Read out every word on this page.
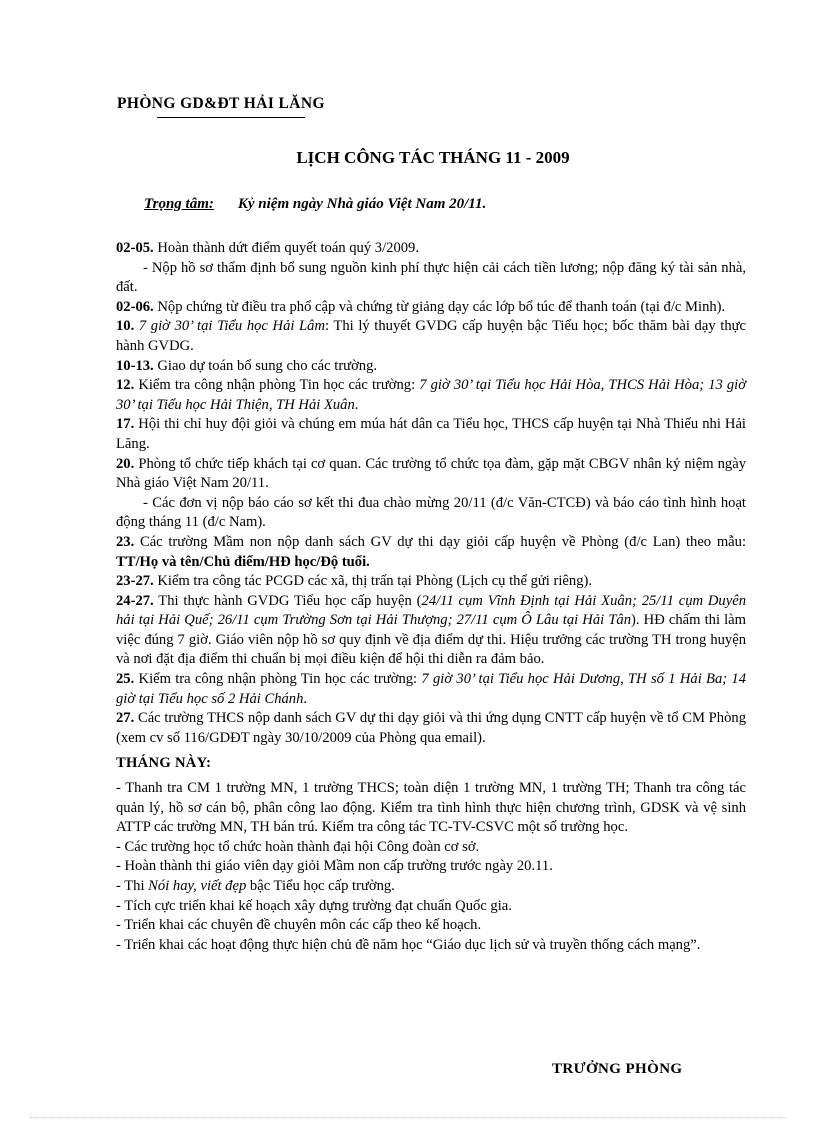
PHÒNG GD&ĐT HẢI LĂNG
LỊCH CÔNG TÁC THÁNG 11 - 2009
Trọng tâm: Kỷ niệm ngày Nhà giáo Việt Nam 20/11.

02-05. Hoàn thành dứt điểm quyết toán quý 3/2009.

- Nộp hồ sơ thẩm định bổ sung nguồn kinh phí thực hiện cải cách tiền lương; nộp đăng ký tài sản nhà, đất.

02-06. Nộp chứng từ điều tra phổ cập và chứng từ giảng dạy các lớp bổ túc để thanh toán (tại đ/c Minh).

10. 7 giờ 30’ tại Tiểu học Hải Lâm: Thi lý thuyết GVDG cấp huyện bậc Tiểu học; bốc thăm bài dạy thực hành GVDG.

10-13. Giao dự toán bổ sung cho các trường.

12. Kiểm tra công nhận phòng Tin học các trường: 7 giờ 30’ tại Tiểu học Hải Hòa, THCS Hải Hòa; 13 giờ 30’ tại Tiểu học Hải Thiện, TH Hải Xuân.

17. Hội thi chỉ huy đội giỏi và chúng em múa hát dân ca Tiểu học, THCS cấp huyện tại Nhà Thiếu nhi Hải Lăng.

20. Phòng tổ chức tiếp khách tại cơ quan. Các trường tổ chức tọa đàm, gặp mặt CBGV nhân kỷ niệm ngày Nhà giáo Việt Nam 20/11.

- Các đơn vị nộp báo cáo sơ kết thi đua chào mừng 20/11 (đ/c Văn-CTCĐ) và báo cáo tình hình hoạt động tháng 11 (đ/c Nam).

23. Các trường Mầm non nộp danh sách GV dự thi dạy giỏi cấp huyện về Phòng (đ/c Lan) theo mẫu: TT/Họ và tên/Chủ điểm/HĐ học/Độ tuổi.

23-27. Kiểm tra công tác PCGD các xã, thị trấn tại Phòng (Lịch cụ thể gửi riêng).

24-27. Thi thực hành GVDG Tiểu học cấp huyện (24/11 cụm Vĩnh Định tại Hải Xuân; 25/11 cụm Duyên hải tại Hải Quế; 26/11 cụm Trường Sơn tại Hải Thượng; 27/11 cụm Ô Lâu tại Hải Tân). HĐ chấm thi làm việc đúng 7 giờ. Giáo viên nộp hồ sơ quy định về địa điểm dự thi. Hiệu trưởng các trường TH trong huyện và nơi đặt địa điểm thi chuẩn bị mọi điều kiện để hội thi diễn ra đảm bảo.

25. Kiểm tra công nhận phòng Tin học các trường: 7 giờ 30’ tại Tiểu học Hải Dương, TH số 1 Hải Ba; 14 giờ tại Tiểu học số 2 Hải Chánh.

27. Các trường THCS nộp danh sách GV dự thi dạy giỏi và thi ứng dụng CNTT cấp huyện về tổ CM Phòng (xem cv số 116/GDĐT ngày 30/10/2009 của Phòng qua email).

THÁNG NÀY:

- Thanh tra CM 1 trường MN, 1 trường THCS; toàn diện 1 trường MN, 1 trường TH; Thanh tra công tác quản lý, hồ sơ cán bộ, phân công lao động. Kiểm tra tình hình thực hiện chương trình, GDSK và vệ sinh ATTP các trường MN, TH bán trú. Kiểm tra công tác TC-TV-CSVC một số trường học.

- Các trường học tổ chức hoàn thành đại hội Công đoàn cơ sở.

- Hoàn thành thi giáo viên dạy giỏi Mầm non cấp trường trước ngày 20.11.

- Thi Nói hay, viết đẹp bậc Tiểu học cấp trường.

- Tích cực triển khai kế hoạch xây dựng trường đạt chuẩn Quốc gia.

- Triển khai các chuyên đề chuyên môn các cấp theo kế hoạch.

- Triển khai các hoạt động thực hiện chủ đề năm học “Giáo dục lịch sử và truyền thống cách mạng”.

TRƯỞNG PHÒNG
